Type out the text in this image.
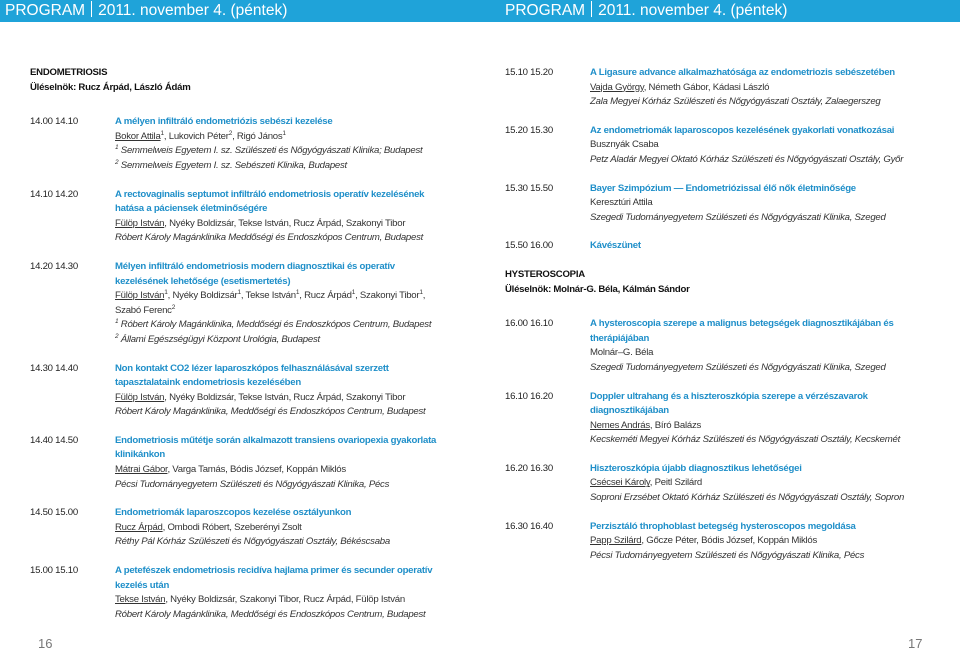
PROGRAM 2011. november 4. (péntek)	PROGRAM 2011. november 4. (péntek)
ENDOMETRIOSIS
Üléselnök: Rucz Árpád, László Ádám
14.00 14.10	A mélyen infiltráló endometriózis sebészi kezelése
Bokor Attila$^1$, Lukovich Péter$^2$, Rigó János$^1$
$^1$ Semmelweis Egyetem I. sz. Szülészeti és Nőgyógyászati Klinika; Budapest
$^2$ Semmelweis Egyetem I. sz. Sebészeti Klinika, Budapest
14.10 14.20	A rectovaginalis septumot infiltráló endometriosis operatív kezelésének hatása a páciensek életminőségére
Fülöp István, Nyéky Boldizsár, Tekse István, Rucz Árpád, Szakonyi Tibor
Róbert Károly Magánklinika Meddőségi és Endoszkópos Centrum, Budapest
14.20 14.30	Mélyen infiltráló endometriosis modern diagnosztikai és operatív kezelésének lehetősége (esetismertetés)
Fülöp István$^1$, Nyéky Boldizsár$^1$, Tekse István$^1$, Rucz Árpád$^1$, Szakonyi Tibor$^1$,
Szabó Ferenc$^2$
$^1$ Róbert Károly Magánklinika, Meddőségi és Endoszkópos Centrum, Budapest
$^2$ Állami Egészségügyi Központ Urológia, Budapest
14.30 14.40	Non kontakt CO2 lézer laparoszkópos felhasználásával szerzett tapasztalataink endometriosis kezelésében
Fülöp István, Nyéky Boldizsár, Tekse István, Rucz Árpád, Szakonyi Tibor
Róbert Károly Magánklinika, Meddőségi és Endoszkópos Centrum, Budapest
14.40 14.50	Endometriosis műtétje során alkalmazott transiens ovariopexia gyakorlata klinikánkon
Mátrai Gábor, Varga Tamás, Bódis József, Koppán Miklós
Pécsi Tudományegyetem Szülészeti és Nőgyógyászati Klinika, Pécs
14.50 15.00	Endometriomák laparoszcopos kezelése osztályunkon
Rucz Árpád, Ombodi Róbert, Szeberényi Zsolt
Réthy Pál Kórház Szülészeti és Nőgyógyászati Osztály, Békéscsaba
15.00 15.10	A petefészek endometriosis recidíva hajlama primer és secunder operatív kezelés után
Tekse István, Nyéky Boldizsár, Szakonyi Tibor, Rucz Árpád, Fülöp István
Róbert Károly Magánklinika, Meddőségi és Endoszkópos Centrum, Budapest
15.10 15.20	A Ligasure advance alkalmazhatósága az endometriozis sebészetében
Vajda György, Németh Gábor, Kádasi László
Zala Megyei Kórház Szülészeti és Nőgyógyászati Osztály, Zalaegerszeg
15.20 15.30	Az endometriomák laparoscopos kezelésének gyakorlati vonatkozásai
Busznyák Csaba
Petz Aladár Megyei Oktató Kórház Szülészeti és Nőgyógyászati Osztály, Győr
15.30 15.50	Bayer Szimpózium — Endometriózissal élő nők életminősége
Keresztúri Attila
Szegedi Tudományegyetem Szülészeti és Nőgyógyászati Klinika, Szeged
15.50 16.00	Kávészünet
HYSTEROSCOPIA
Üléselnök: Molnár-G. Béla, Kálmán Sándor
16.00 16.10	A hysteroscopia szerepe a malignus betegségek diagnosztikájában és therápiájában
Molnár–G. Béla
Szegedi Tudományegyetem Szülészeti és Nőgyógyászati Klinika, Szeged
16.10 16.20	Doppler ultrahang és a hiszteroszkópia szerepe a vérzészavarok diagnosztikájában
Nemes András, Bíró Balázs
Kecskeméti Megyei Kórház Szülészeti és Nőgyógyászati Osztály, Kecskemét
16.20 16.30	Hiszteroszkópia újabb diagnosztikus lehetőségei
Csécsei Károly, Peitl Szilárd
Soproni Erzsébet Oktató Kórház Szülészeti és Nőgyógyászati Osztály, Sopron
16.30 16.40	Perzisztáló throphoblast betegség hysteroscopos megoldása
Papp Szilárd, Gőcze Péter, Bódis József, Koppán Miklós
Pécsi Tudományegyetem Szülészeti és Nőgyógyászati Klinika, Pécs
16	17
